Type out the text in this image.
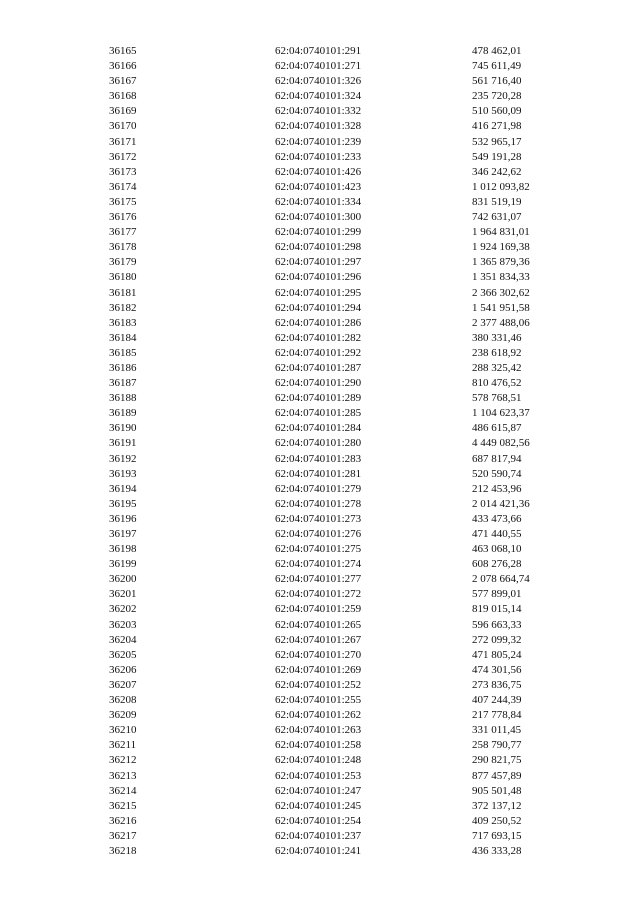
36165	62:04:0740101:291	478 462,01
36166	62:04:0740101:271	745 611,49
36167	62:04:0740101:326	561 716,40
36168	62:04:0740101:324	235 720,28
36169	62:04:0740101:332	510 560,09
36170	62:04:0740101:328	416 271,98
36171	62:04:0740101:239	532 965,17
36172	62:04:0740101:233	549 191,28
36173	62:04:0740101:426	346 242,62
36174	62:04:0740101:423	1 012 093,82
36175	62:04:0740101:334	831 519,19
36176	62:04:0740101:300	742 631,07
36177	62:04:0740101:299	1 964 831,01
36178	62:04:0740101:298	1 924 169,38
36179	62:04:0740101:297	1 365 879,36
36180	62:04:0740101:296	1 351 834,33
36181	62:04:0740101:295	2 366 302,62
36182	62:04:0740101:294	1 541 951,58
36183	62:04:0740101:286	2 377 488,06
36184	62:04:0740101:282	380 331,46
36185	62:04:0740101:292	238 618,92
36186	62:04:0740101:287	288 325,42
36187	62:04:0740101:290	810 476,52
36188	62:04:0740101:289	578 768,51
36189	62:04:0740101:285	1 104 623,37
36190	62:04:0740101:284	486 615,87
36191	62:04:0740101:280	4 449 082,56
36192	62:04:0740101:283	687 817,94
36193	62:04:0740101:281	520 590,74
36194	62:04:0740101:279	212 453,96
36195	62:04:0740101:278	2 014 421,36
36196	62:04:0740101:273	433 473,66
36197	62:04:0740101:276	471 440,55
36198	62:04:0740101:275	463 068,10
36199	62:04:0740101:274	608 276,28
36200	62:04:0740101:277	2 078 664,74
36201	62:04:0740101:272	577 899,01
36202	62:04:0740101:259	819 015,14
36203	62:04:0740101:265	596 663,33
36204	62:04:0740101:267	272 099,32
36205	62:04:0740101:270	471 805,24
36206	62:04:0740101:269	474 301,56
36207	62:04:0740101:252	273 836,75
36208	62:04:0740101:255	407 244,39
36209	62:04:0740101:262	217 778,84
36210	62:04:0740101:263	331 011,45
36211	62:04:0740101:258	258 790,77
36212	62:04:0740101:248	290 821,75
36213	62:04:0740101:253	877 457,89
36214	62:04:0740101:247	905 501,48
36215	62:04:0740101:245	372 137,12
36216	62:04:0740101:254	409 250,52
36217	62:04:0740101:237	717 693,15
36218	62:04:0740101:241	436 333,28
